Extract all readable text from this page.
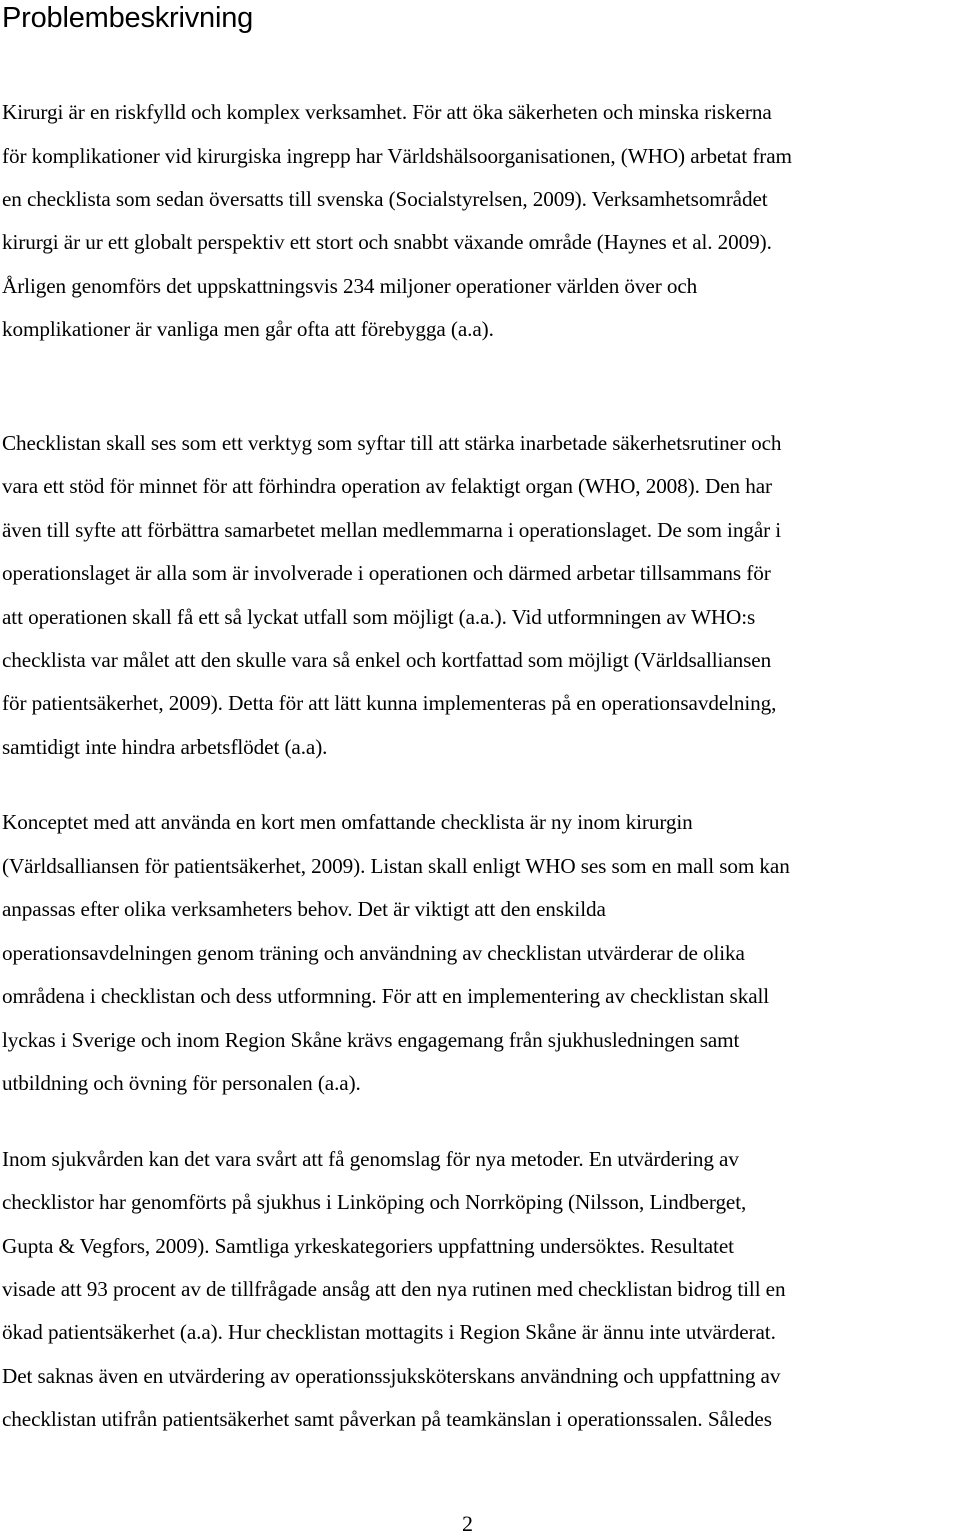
Problembeskrivning
Kirurgi är en riskfylld och komplex verksamhet. För att öka säkerheten och minska riskerna
för komplikationer vid kirurgiska ingrepp har Världshälsoorganisationen, (WHO) arbetat fram
en checklista som sedan översatts till svenska (Socialstyrelsen, 2009). Verksamhetsområdet
kirurgi är ur ett globalt perspektiv ett stort och snabbt växande område (Haynes et al. 2009).
Årligen genomförs det uppskattningsvis 234 miljoner operationer världen över och
komplikationer är vanliga men går ofta att förebygga (a.a).
Checklistan skall ses som ett verktyg som syftar till att stärka inarbetade säkerhetsrutiner och
vara ett stöd för minnet för att förhindra operation av felaktigt organ (WHO, 2008). Den har
även till syfte att förbättra samarbetet mellan medlemmarna i operationslaget. De som ingår i
operationslaget är alla som är involverade i operationen och därmed arbetar tillsammans för
att operationen skall få ett så lyckat utfall som möjligt (a.a.). Vid utformningen av WHO:s
checklista var målet att den skulle vara så enkel och kortfattad som möjligt (Världsalliansen
för patientsäkerhet, 2009). Detta för att lätt kunna implementeras på en operationsavdelning,
samtidigt inte hindra arbetsflödet (a.a).
Konceptet med att använda en kort men omfattande checklista är ny inom kirurgin
(Världsalliansen för patientsäkerhet, 2009). Listan skall enligt WHO ses som en mall som kan
anpassas efter olika verksamheters behov. Det är viktigt att den enskilda
operationsavdelningen genom träning och användning av checklistan utvärderar de olika
områdena i checklistan och dess utformning. För att en implementering av checklistan skall
lyckas i Sverige och inom Region Skåne krävs engagemang från sjukhusledningen samt
utbildning och övning för personalen (a.a).
Inom sjukvården kan det vara svårt att få genomslag för nya metoder. En utvärdering av
checklistor har genomförts på sjukhus i Linköping och Norrköping (Nilsson, Lindberget,
Gupta & Vegfors, 2009). Samtliga yrkeskategoriers uppfattning undersöktes. Resultatet
visade att 93 procent av de tillfrågade ansåg att den nya rutinen med checklistan bidrog till en
ökad patientsäkerhet (a.a). Hur checklistan mottagits i Region Skåne är ännu inte utvärderat.
Det saknas även en utvärdering av operationssjuksköterskans användning och uppfattning av
checklistan utifrån patientsäkerhet samt påverkan på teamkänslan i operationssalen. Således
2
